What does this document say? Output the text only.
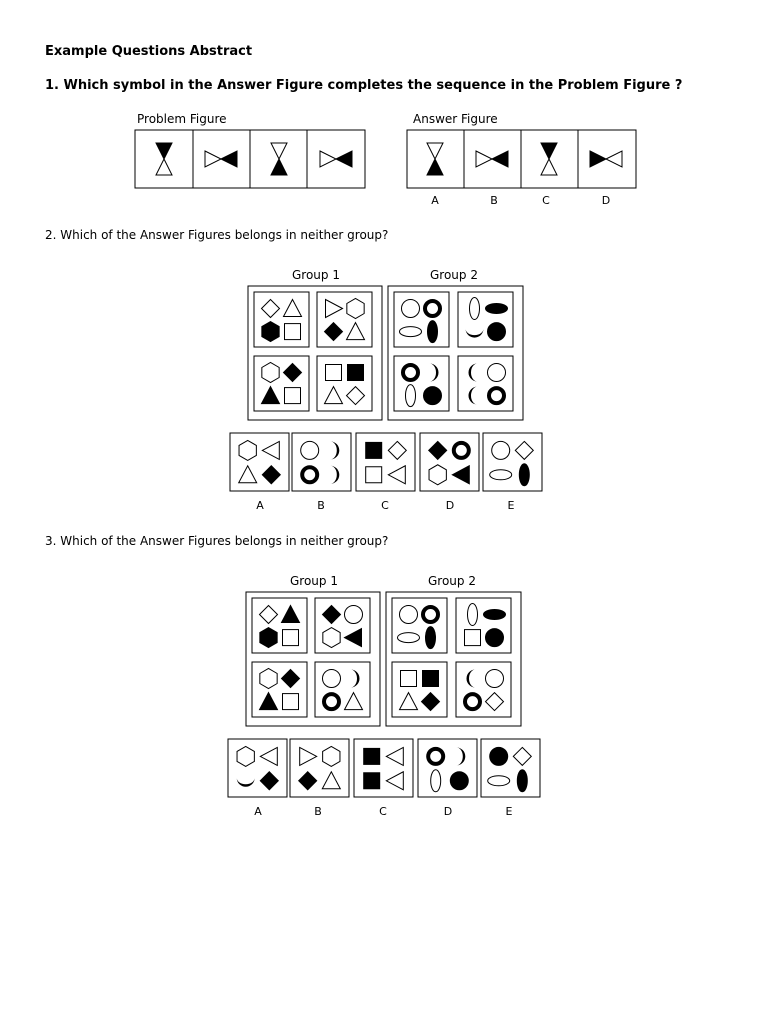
Example Questions Abstract
1. Which symbol in the Answer Figure completes the sequence in the Problem Figure ?
Problem Figure	Answer Figure
A	B	C	D
2. Which of the Answer Figures belongs in neither group?
Group 1	Group 2
A	B	C	D	E
3. Which of the Answer Figures belongs in neither group?
Group 1	Group 2
A	B	C	D	E
